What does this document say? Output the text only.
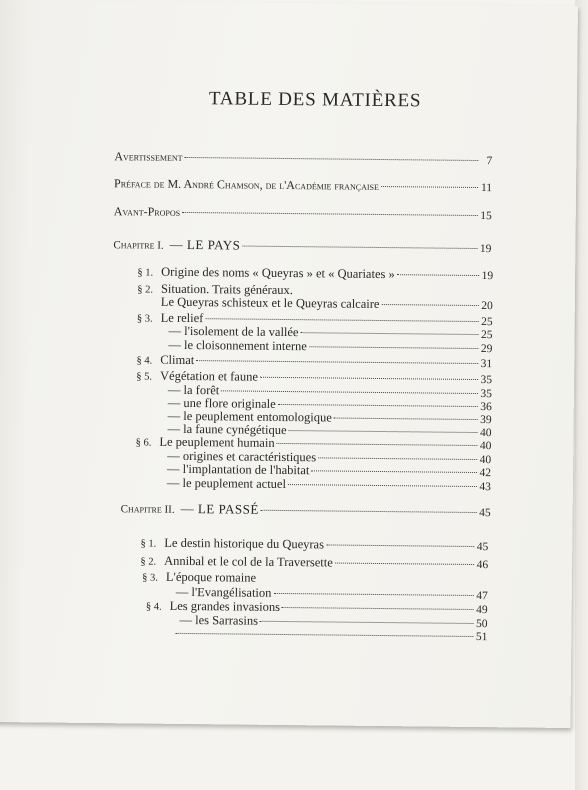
TABLE DES MATIÈRES
Avertissement	7
Préface de M. André Chamson, de l'Académie française	11
Avant-Propos	15
Chapitre I. — LE PAYS	19
§ 1. Origine des noms « Queyras » et « Quariates »	19
§ 2. Situation. Traits généraux.
Le Queyras schisteux et le Queyras calcaire	20
§ 3. Le relief	25
— l'isolement de la vallée	25
— le cloisonnement interne	29
§ 4. Climat	31
§ 5. Végétation et faune	35
— la forêt	35
— une flore originale	36
— le peuplement entomologique	39
— la faune cynégétique	40
§ 6. Le peuplement humain	40
— origines et caractéristiques	40
— l'implantation de l'habitat	42
— le peuplement actuel	43
Chapitre II. — LE PASSÉ	45
§ 1. Le destin historique du Queyras	45
§ 2. Annibal et le col de la Traversette	46
§ 3. L'époque romaine
— l'Evangélisation	47
§ 4. Les grandes invasions	49
— les Sarrasins	50
51
